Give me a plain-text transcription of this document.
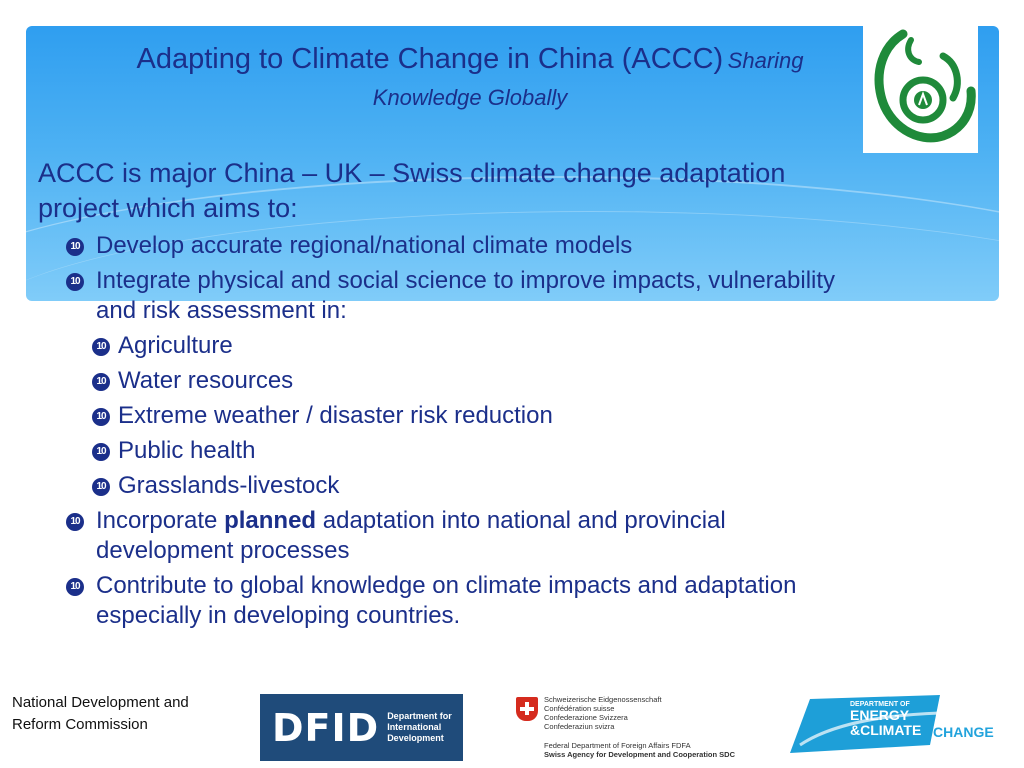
Adapting to Climate Change in China (ACCC) Sharing
Knowledge Globally
ACCC is major China – UK – Swiss climate change adaptation project which aims to:
10 Develop accurate regional/national climate models
10 Integrate physical and social science to improve impacts, vulnerability and risk assessment in:
10 Agriculture
10 Water resources
10 Extreme weather / disaster risk reduction
10 Public health
10 Grasslands-livestock
10 Incorporate planned adaptation into national and provincial development processes
10 Contribute to global knowledge on climate impacts and adaptation especially in developing countries.
National Development and
Reform Commission	DFID Department for
International
Development
Schweizerische Eidgenossenschaft
Confédération suisse
Confederazione Svizzera
Confederaziun svizra
Federal Department of Foreign Affairs FDFA
Swiss Agency for Development and Cooperation SDC
DEPARTMENT OF
ENERGY
&CLIMATE CHANGE
